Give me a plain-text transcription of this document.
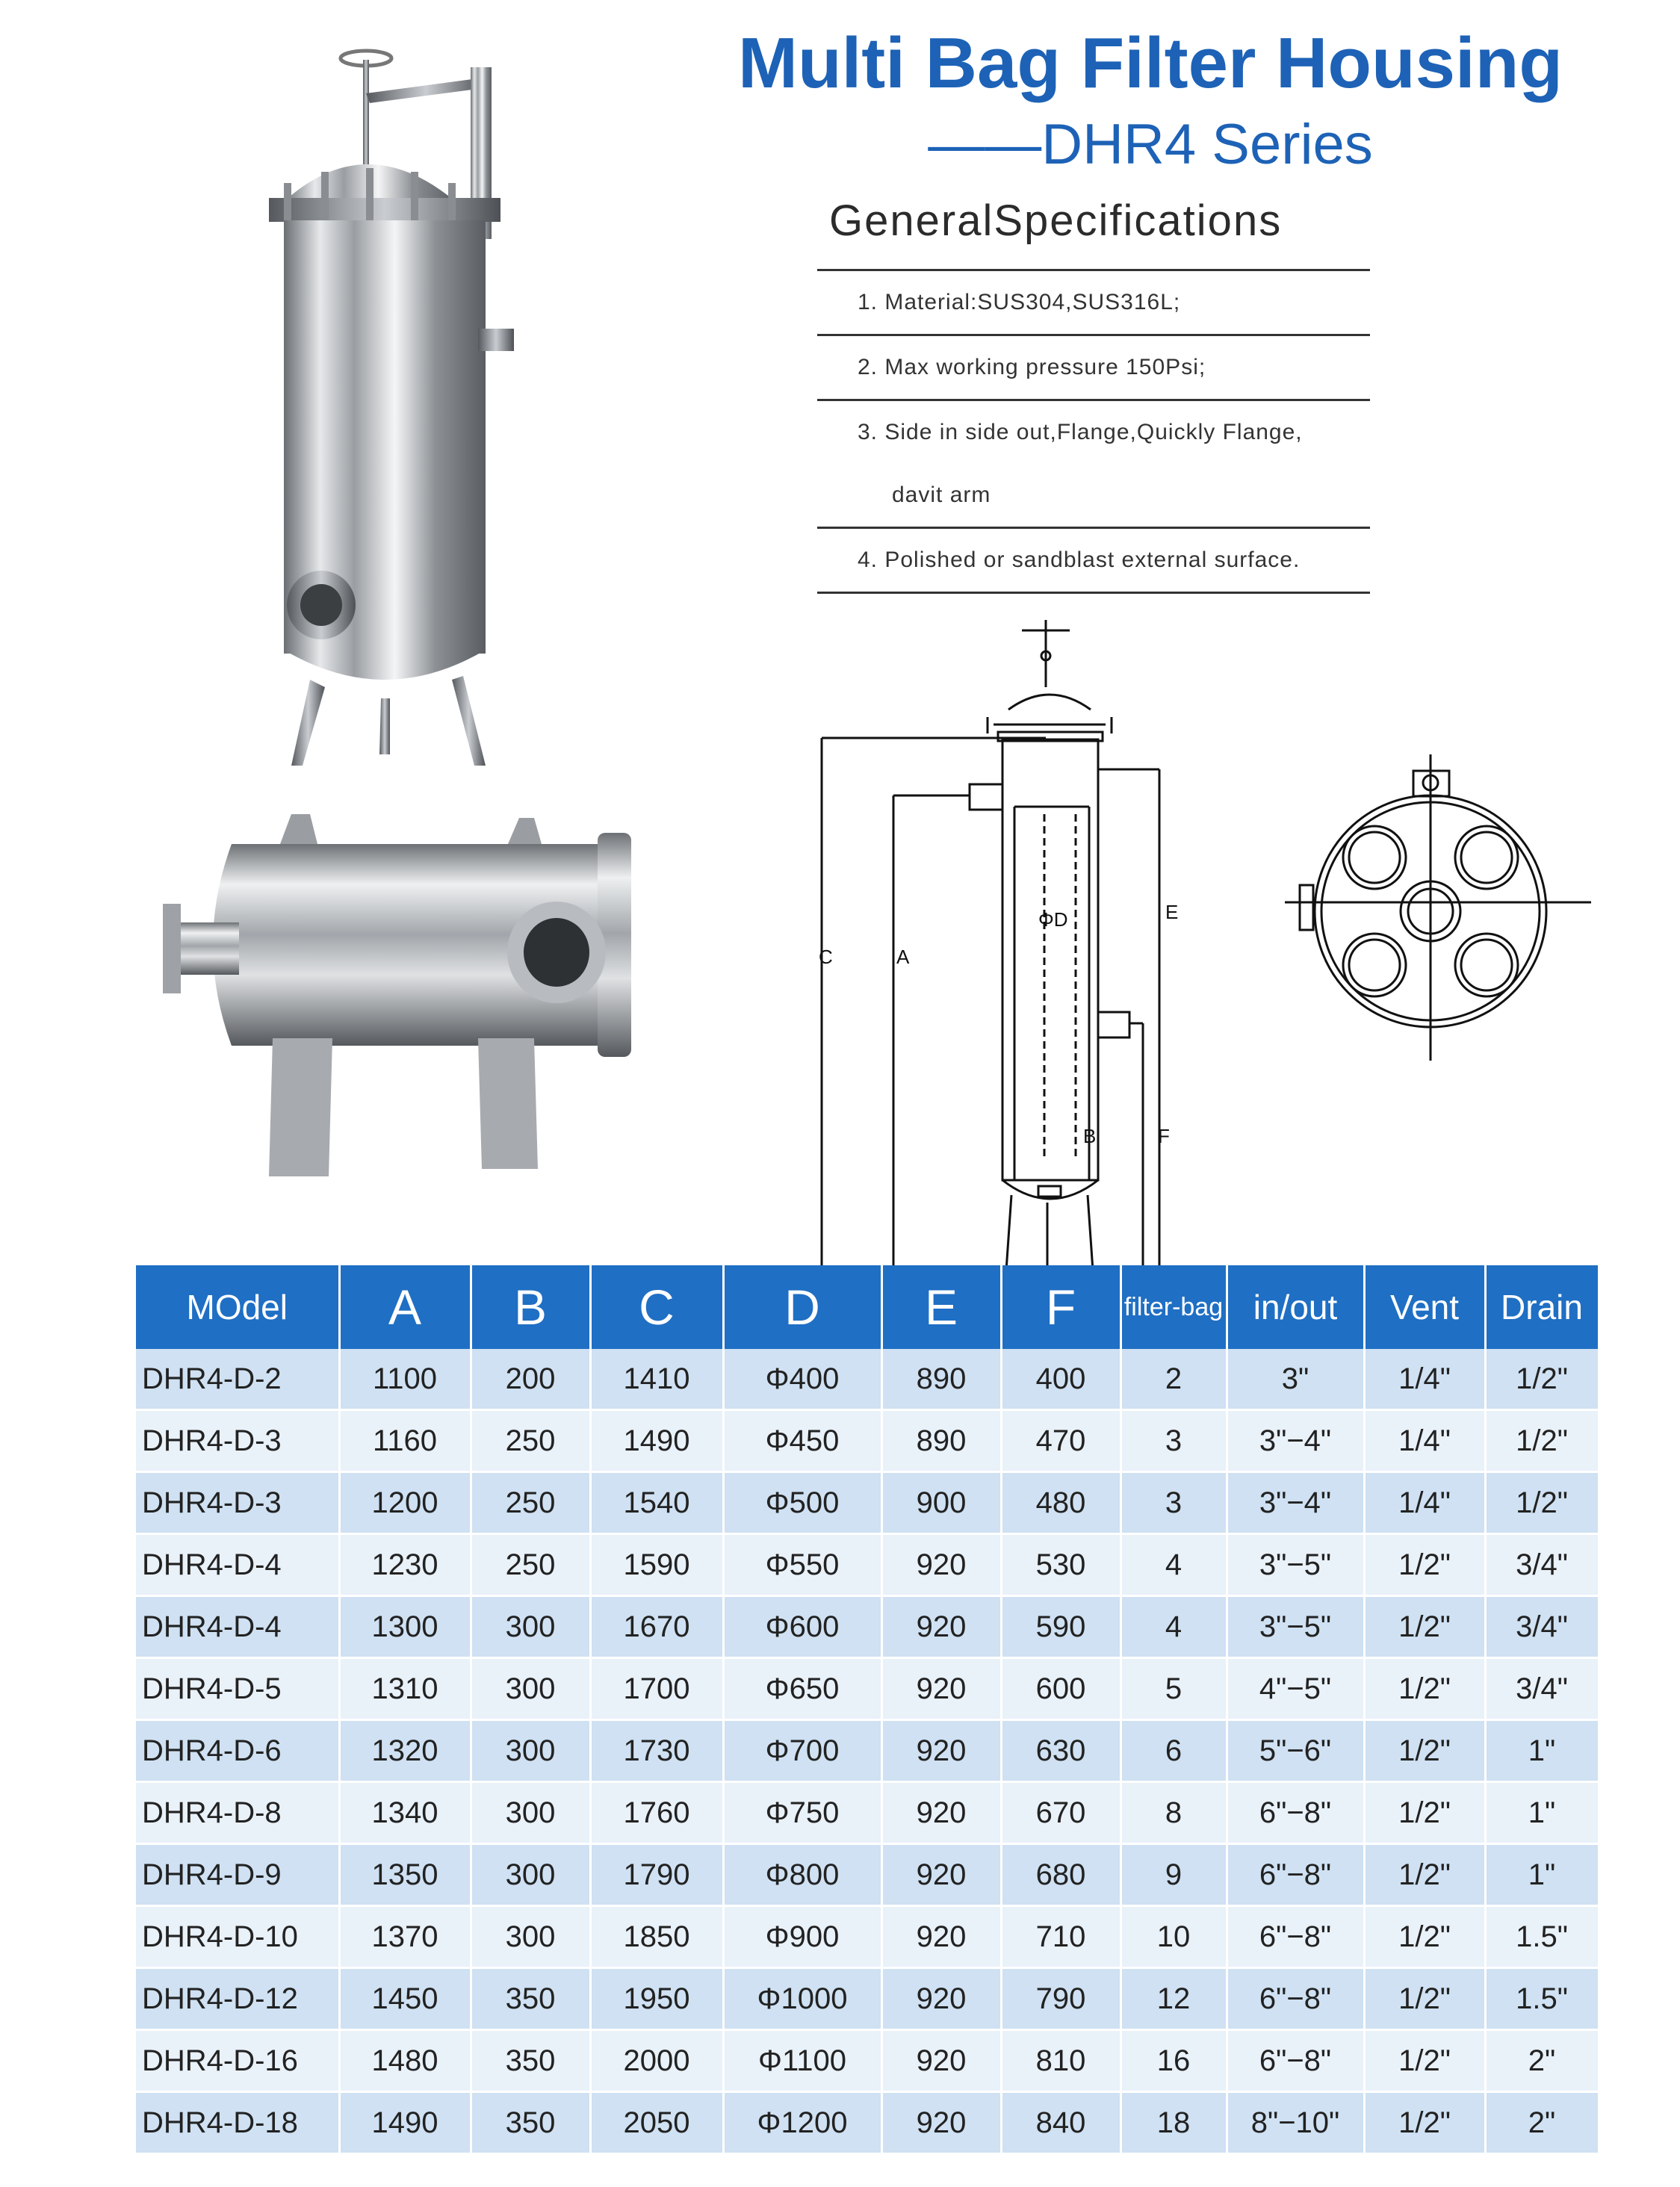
Multi Bag Filter Housing
——DHR4 Series
GeneralSpecifications
1. Material:SUS304,SUS316L;
2. Max working pressure 150Psi;
3. Side in side out,Flange,Quickly Flange,
davit arm
4. Polished or sandblast external surface.
C	A
ΦD	E
B	F
MOdel	A	B	C	D	E	F	filter-bag	in/out	Vent	Drain
DHR4-D-2	1100	200	1410	Φ400	890	400	2	3"	1/4"	1/2"
DHR4-D-3	1160	250	1490	Φ450	890	470	3	3"−4"	1/4"	1/2"
DHR4-D-3	1200	250	1540	Φ500	900	480	3	3"−4"	1/4"	1/2"
DHR4-D-4	1230	250	1590	Φ550	920	530	4	3"−5"	1/2"	3/4"
DHR4-D-4	1300	300	1670	Φ600	920	590	4	3"−5"	1/2"	3/4"
DHR4-D-5	1310	300	1700	Φ650	920	600	5	4"−5"	1/2"	3/4"
DHR4-D-6	1320	300	1730	Φ700	920	630	6	5"−6"	1/2"	1"
DHR4-D-8	1340	300	1760	Φ750	920	670	8	6"−8"	1/2"	1"
DHR4-D-9	1350	300	1790	Φ800	920	680	9	6"−8"	1/2"	1"
DHR4-D-10	1370	300	1850	Φ900	920	710	10	6"−8"	1/2"	1.5"
DHR4-D-12	1450	350	1950	Φ1000	920	790	12	6"−8"	1/2"	1.5"
DHR4-D-16	1480	350	2000	Φ1100	920	810	16	6"−8"	1/2"	2"
DHR4-D-18	1490	350	2050	Φ1200	920	840	18	8"−10"	1/2"	2"
